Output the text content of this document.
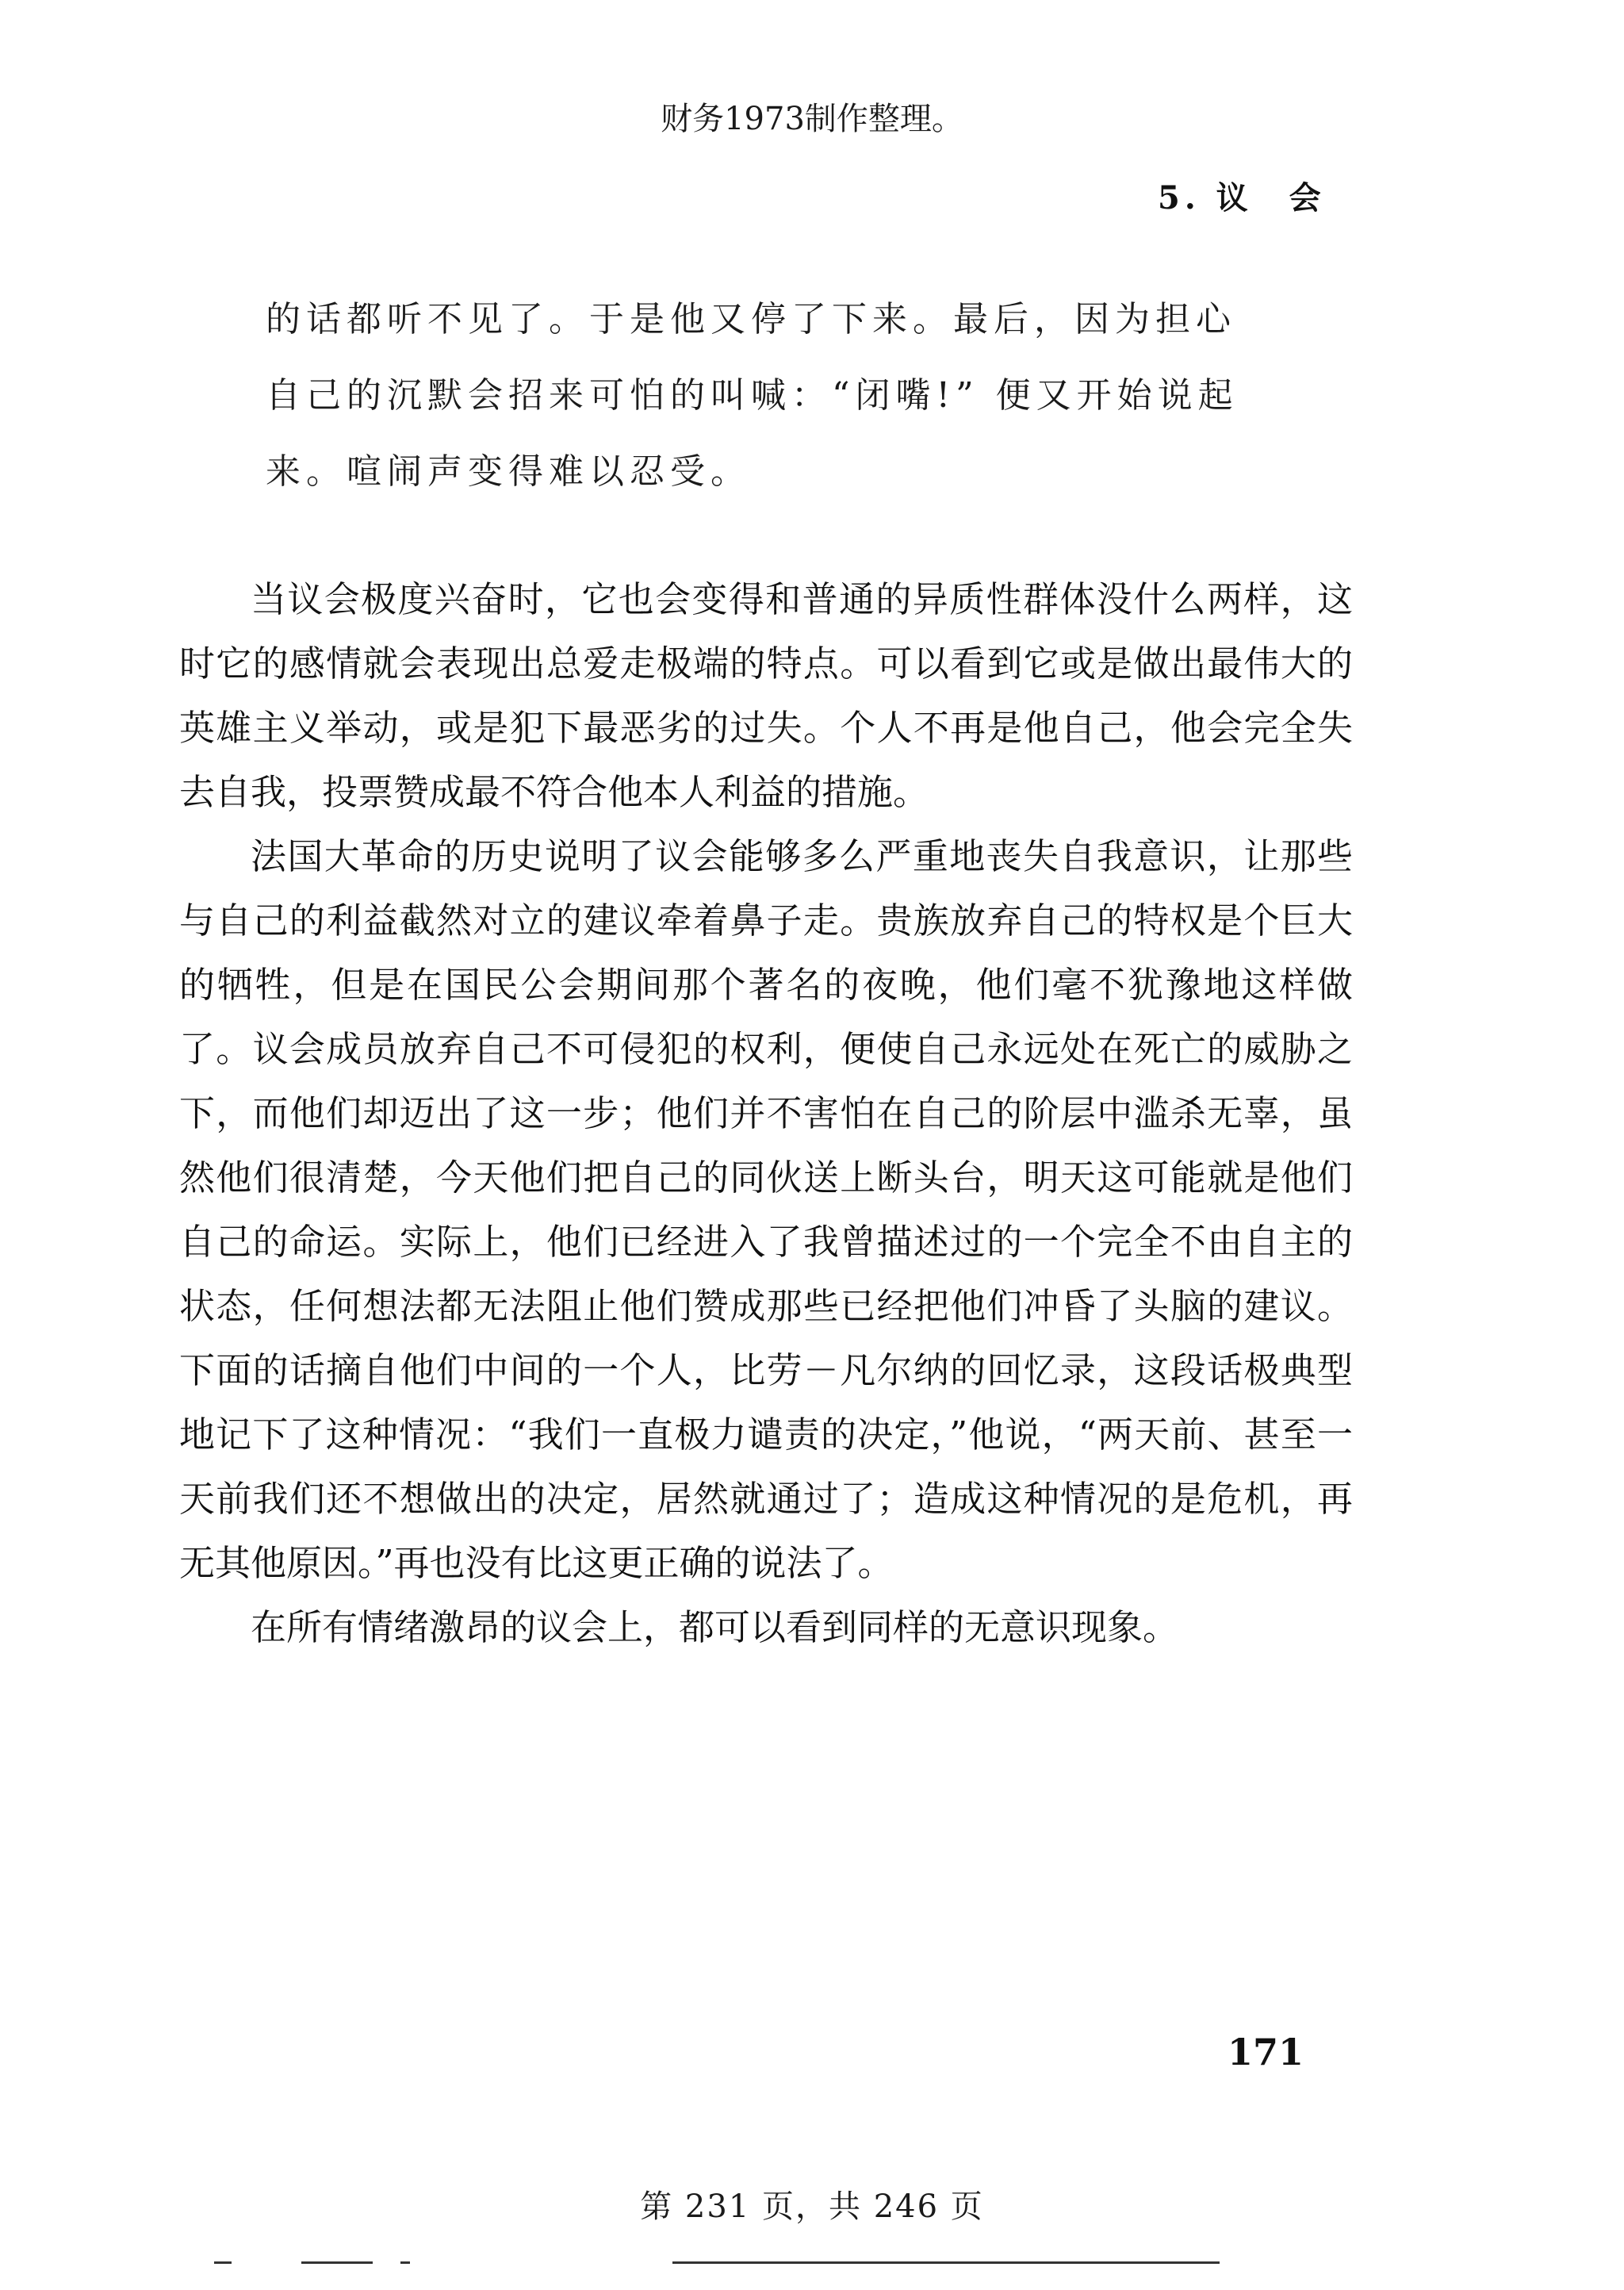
财务1973制作整理。
5. 议　会

的话都听不见了。于是他又停了下来。最后，因为担心

自己的沉默会招来可怕的叫喊：“闭嘴!” 便又开始说起

来。喧闹声变得难以忍受。

当议会极度兴奋时，它也会变得和普通的异质性群体没什么两样，这时它的感情就会表现出总爱走极端的特点。可以看到它或是做出最伟大的英雄主义举动，或是犯下最恶劣的过失。个人不再是他自己，他会完全失去自我，投票赞成最不符合他本人利益的措施。

法国大革命的历史说明了议会能够多么严重地丧失自我意识，让那些与自己的利益截然对立的建议牵着鼻子走。贵族放弃自己的特权是个巨大的牺牲，但是在国民公会期间那个著名的夜晚，他们毫不犹豫地这样做了。议会成员放弃自己不可侵犯的权利，便使自己永远处在死亡的威胁之下，而他们却迈出了这一步；他们并不害怕在自己的阶层中滥杀无辜，虽然他们很清楚，今天他们把自己的同伙送上断头台，明天这可能就是他们自己的命运。实际上，他们已经进入了我曾描述过的一个完全不由自主的状态，任何想法都无法阻止他们赞成那些已经把他们冲昏了头脑的建议。下面的话摘自他们中间的一个人，比劳－凡尔纳的回忆录，这段话极典型地记下了这种情况：“我们一直极力谴责的决定，”他说，“两天前、甚至一天前我们还不想做出的决定，居然就通过了；造成这种情况的是危机，再无其他原因。”再也没有比这更正确的说法了。

在所有情绪激昂的议会上，都可以看到同样的无意识现象。

171
第 231 页，共 246 页
